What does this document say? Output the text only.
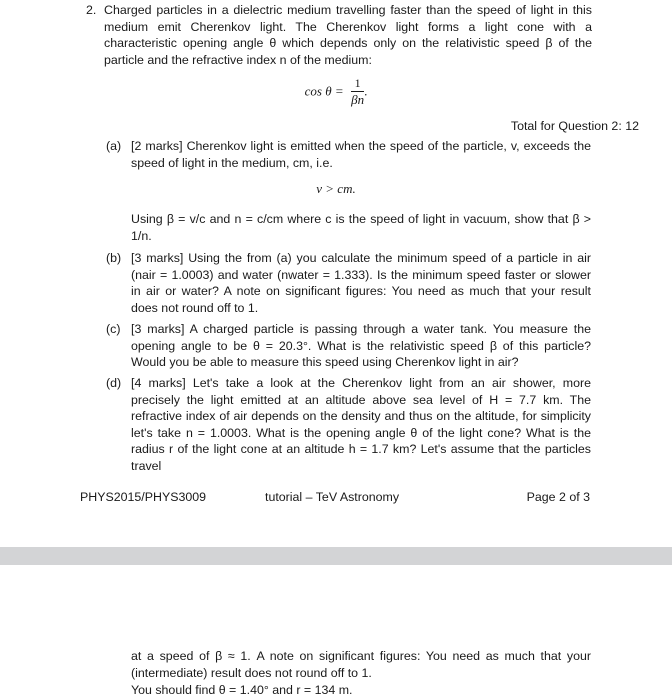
2. Charged particles in a dielectric medium travelling faster than the speed of light in this medium emit Cherenkov light. The Cherenkov light forms a light cone with a characteristic opening angle θ which depends only on the relativistic speed β of the particle and the refractive index n of the medium:

$\cos \theta = \frac{1}{\beta n}$ .
Total for Question 2: 12
(a) [2 marks] Cherenkov light is emitted when the speed of the particle, v, exceeds the speed of light in the medium, cm, i.e.

v > cm.

Using β = v/c and n = c/cm where c is the speed of light in vacuum, show that β > 1/n.

(b) [3 marks] Using the from (a) you calculate the minimum speed of a particle in air (nair = 1.0003) and water (nwater = 1.333). Is the minimum speed faster or slower in air or water? A note on significant figures: You need as much that your result does not round off to 1.

(c) [3 marks] A charged particle is passing through a water tank. You measure the opening angle to be θ = 20.3°. What is the relativistic speed β of this particle? Would you be able to measure this speed using Cherenkov light in air?

(d) [4 marks] Let's take a look at the Cherenkov light from an air shower, more precisely the light emitted at an altitude above sea level of H = 7.7 km. The refractive index of air depends on the density and thus on the altitude, for simplicity let's take n = 1.0003. What is the opening angle θ of the light cone? What is the radius r of the light cone at an altitude h = 1.7 km? Let's assume that the particles travel

PHYS2015/PHYS3009	tutorial – TeV Astronomy	Page 2 of 3

at a speed of β ≈ 1. A note on significant figures: You need as much that your (intermediate) result does not round off to 1.

You should find θ = 1.40° and r = 134 m.
